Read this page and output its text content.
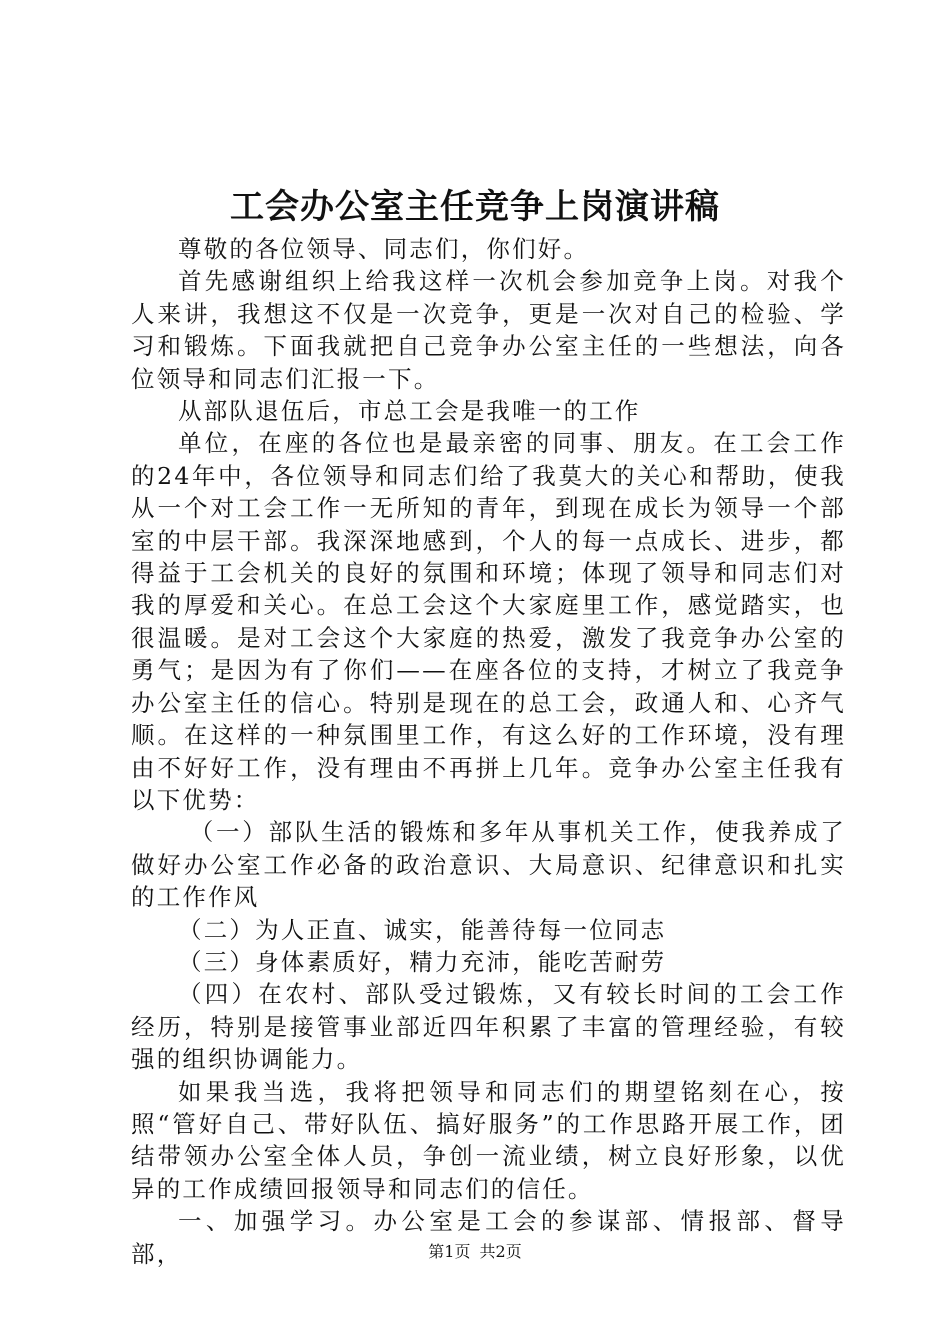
工会办公室主任竞争上岗演讲稿

尊敬的各位领导、同志们，你们好。

首先感谢组织上给我这样一次机会参加竞争上岗。对我个人来讲，我想这不仅是一次竞争，更是一次对自己的检验、学习和锻炼。下面我就把自己竞争办公室主任的一些想法，向各位领导和同志们汇报一下。

从部队退伍后，市总工会是我唯一的工作

单位，在座的各位也是最亲密的同事、朋友。在工会工作的24年中，各位领导和同志们给了我莫大的关心和帮助，使我从一个对工会工作一无所知的青年，到现在成长为领导一个部室的中层干部。我深深地感到，个人的每一点成长、进步，都得益于工会机关的良好的氛围和环境；体现了领导和同志们对我的厚爱和关心。在总工会这个大家庭里工作，感觉踏实，也很温暖。是对工会这个大家庭的热爱，激发了我竞争办公室的勇气；是因为有了你们——在座各位的支持，才树立了我竞争办公室主任的信心。特别是现在的总工会，政通人和、心齐气顺。在这样的一种氛围里工作，有这么好的工作环境，没有理由不好好工作，没有理由不再拼上几年。竞争办公室主任我有以下优势：

（一）部队生活的锻炼和多年从事机关工作，使我养成了做好办公室工作必备的政治意识、大局意识、纪律意识和扎实的工作作风

（二）为人正直、诚实，能善待每一位同志

（三）身体素质好，精力充沛，能吃苦耐劳

（四）在农村、部队受过锻炼，又有较长时间的工会工作经历，特别是接管事业部近四年积累了丰富的管理经验，有较强的组织协调能力。

如果我当选，我将把领导和同志们的期望铭刻在心，按照“管好自己、带好队伍、搞好服务”的工作思路开展工作，团结带领办公室全体人员，争创一流业绩，树立良好形象，以优异的工作成绩回报领导和同志们的信任。

一、加强学习。办公室是工会的参谋部、情报部、督导部，	第1页 共2页
